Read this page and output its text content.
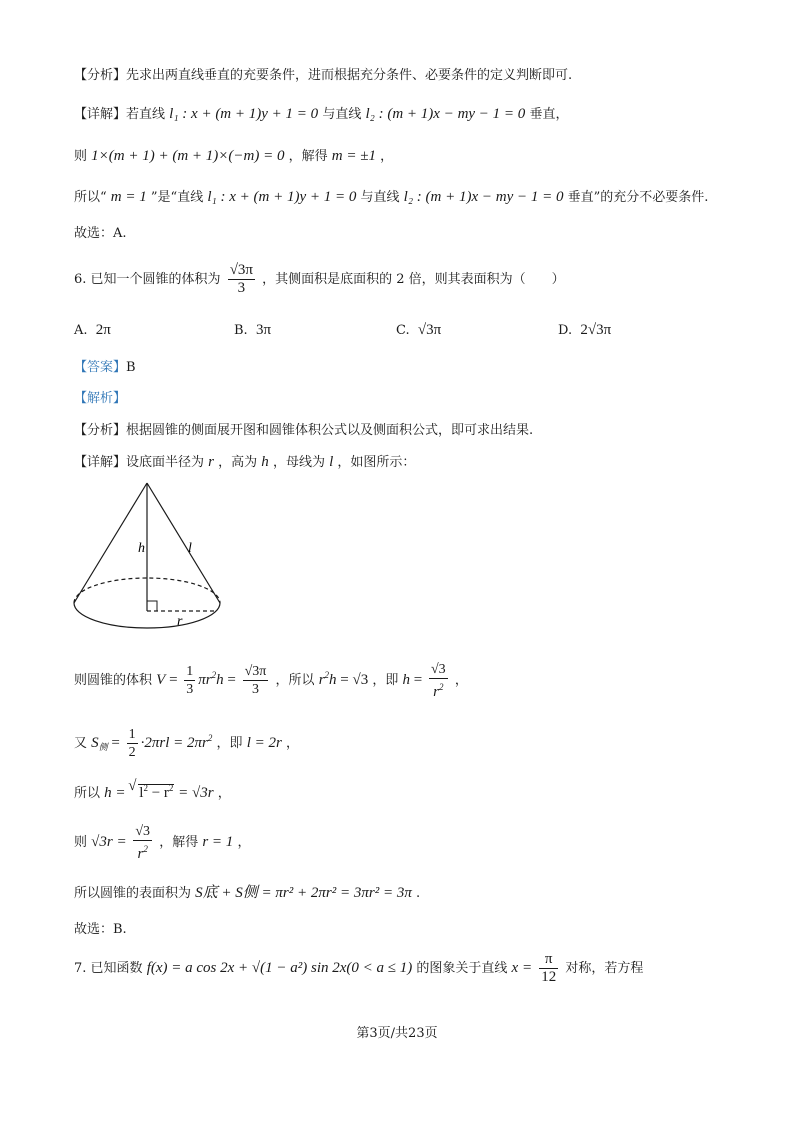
【分析】先求出两直线垂直的充要条件，进而根据充分条件、必要条件的定义判断即可.
【详解】若直线 l₁ : x + (m + 1)y + 1 = 0 与直线 l₂ : (m + 1)x − my − 1 = 0 垂直，
则 1×(m + 1) + (m + 1)×(−m) = 0 ，解得 m = ±1 ，
所以“ m = 1 ”是“直线 l₁ : x + (m + 1)y + 1 = 0 与直线 l₂ : (m + 1)x − my − 1 = 0 垂直”的充分不必要条件.
故选：A.
6. 已知一个圆锥的体积为 $\frac{√3\pi}{3}$ ，其侧面积是底面积的 2 倍，则其表面积为（　　）
A. 2π	B. 3π	C. √3π	D. 2√3π
【答案】B
【解析】
【分析】根据圆锥的侧面展开图和圆锥体积公式以及侧面积公式，即可求出结果.
【详解】设底面半径为 r ，高为 h ，母线为 l ，如图所示：
h	l
r
则圆锥的体积 $V = \frac{1}{3} \pi r^2h = \frac{√3\pi}{3}$ ，所以 $r^2h = √3$ ，即 $h = \frac{√3}{r^2}$ ，
又 $S_侧 = \frac{1}{2} \cdot 2\pi rl = 2\pi r^2$ ，即 l = 2r ，
所以 h = √ $l^2 - r^2 = √3r$ ，
则 $√3r = \frac{√3}{r^2}$ ，解得 r = 1 ，
所以圆锥的表面积为 S底 + S侧 = πr² + 2πr² = 3πr² = 3π .
故选：B.
7. 已知函数 f(x) = a cos 2x + √(1 − a²) sin 2x(0 < a ≤ 1) 的图象关于直线 $x = \frac{\pi}{12}$ 对称，若方程
第3页/共23页
